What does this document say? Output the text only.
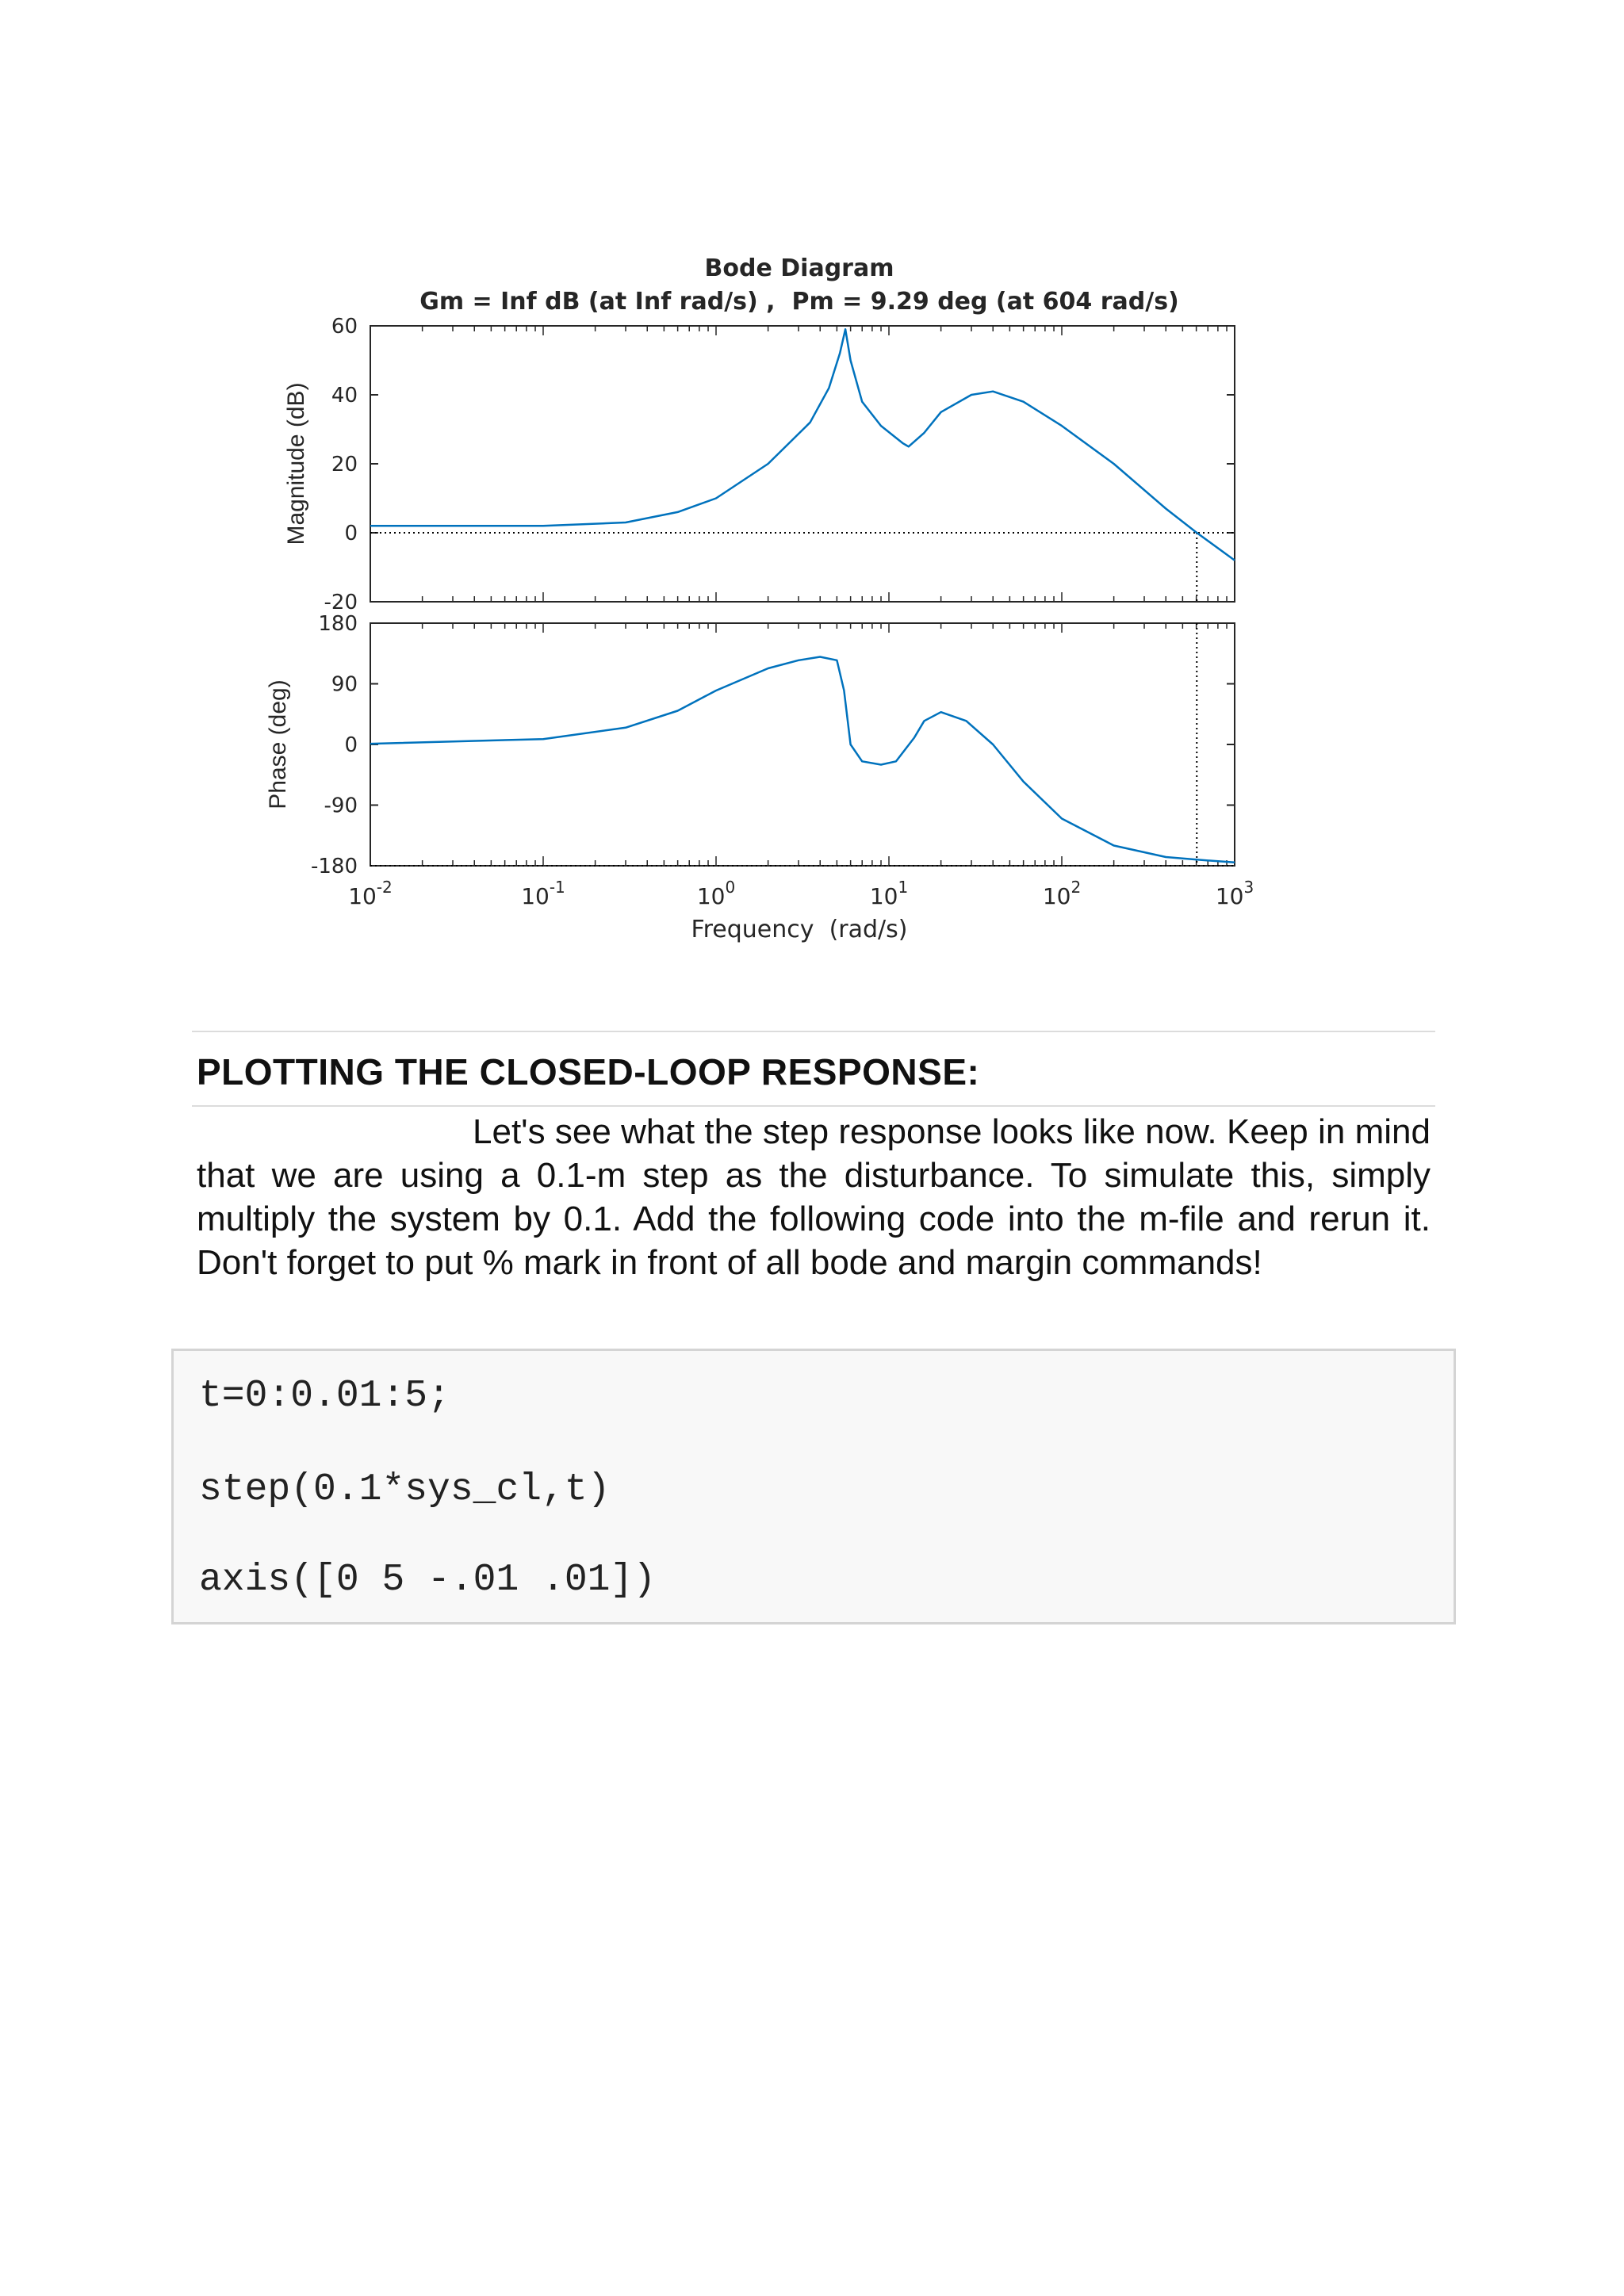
Bode Diagram
Gm = Inf dB (at Inf rad/s) ,  Pm = 9.29 deg (at 604 rad/s)
60
40
20
0
-20
Magnitude (dB)
180
90
0
-90
-180
Phase (deg)
$10^{-2}$	$10^{-1}$	$10^0$	$10^1$	$10^2$	$10^3$
Frequency  (rad/s)
PLOTTING THE CLOSED-LOOP RESPONSE:
Let's see what the step response looks like now. Keep in mind that we are using a 0.1-m step as the disturbance. To simulate this, simply multiply the system by 0.1. Add the following code into the m-file and rerun it. Don't forget to put % mark in front of all bode and margin commands!
t=0:0.01:5;
step(0.1*sys_cl,t)
axis([0 5 -.01 .01])
